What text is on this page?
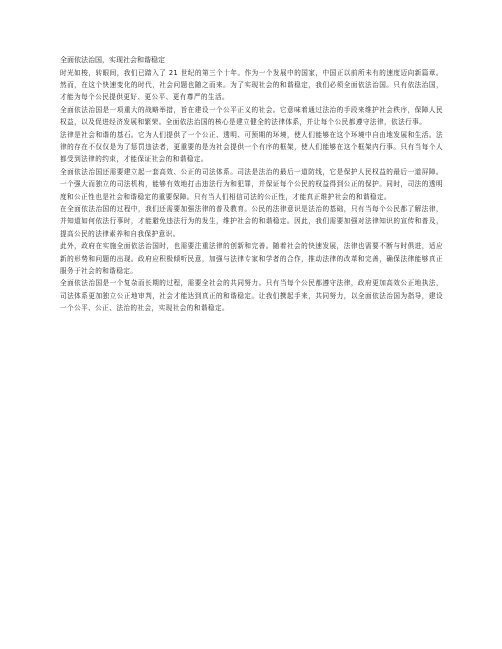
全面依法治国，实现社会和谐稳定

时光如梭，转眼间，我们已踏入了 21 世纪的第三个十年。作为一个发展中的国家，中国正以前所未有的速度迈向新篇章。然而，在这个快速变化的时代，社会问题也随之而来。为了实现社会的和谐稳定，我们必须全面依法治国。只有依法治国，才能为每个公民提供更好、更公平、更有尊严的生活。

全面依法治国是一项重大的战略举措，旨在建设一个公平正义的社会。它意味着通过法治的手段来维护社会秩序，保障人民权益，以及促进经济发展和繁荣。全面依法治国的核心是建立健全的法律体系，并让每个公民都遵守法律，依法行事。

法律是社会和谐的基石。它为人们提供了一个公正、透明、可预期的环境，使人们能够在这个环境中自由地发展和生活。法律的存在不仅仅是为了惩罚违法者，更重要的是为社会提供一个有序的框架，使人们能够在这个框架内行事。只有当每个人都受到法律的约束，才能保证社会的和谐稳定。

全面依法治国还需要建立起一套高效、公正的司法体系。司法是法治的最后一道防线，它是保护人民权益的最后一道屏障。一个强大而独立的司法机构，能够有效地打击违法行为和犯罪，并保证每个公民的权益得到公正的保护。同时，司法的透明度和公正性也是社会和谐稳定的重要保障。只有当人们相信司法的公正性，才能真正维护社会的和谐稳定。

在全面依法治国的过程中，我们还需要加强法律的普及教育。公民的法律意识是法治的基础，只有当每个公民都了解法律，并知道如何依法行事时，才能避免违法行为的发生，维护社会的和谐稳定。因此，我们需要加强对法律知识的宣传和普及，提高公民的法律素养和自我保护意识。

此外，政府在实施全面依法治国时，也需要注重法律的创新和完善。随着社会的快速发展，法律也需要不断与时俱进，适应新的形势和问题的出现。政府应积极倾听民意，加强与法律专家和学者的合作，推动法律的改革和完善，确保法律能够真正服务于社会的和谐稳定。

全面依法治国是一个复杂而长期的过程，需要全社会的共同努力。只有当每个公民都遵守法律，政府更加高效公正地执法，司法体系更加独立公正地审判，社会才能达到真正的和谐稳定。让我们携起手来，共同努力，以全面依法治国为指导，建设一个公平、公正、法治的社会，实现社会的和谐稳定。
